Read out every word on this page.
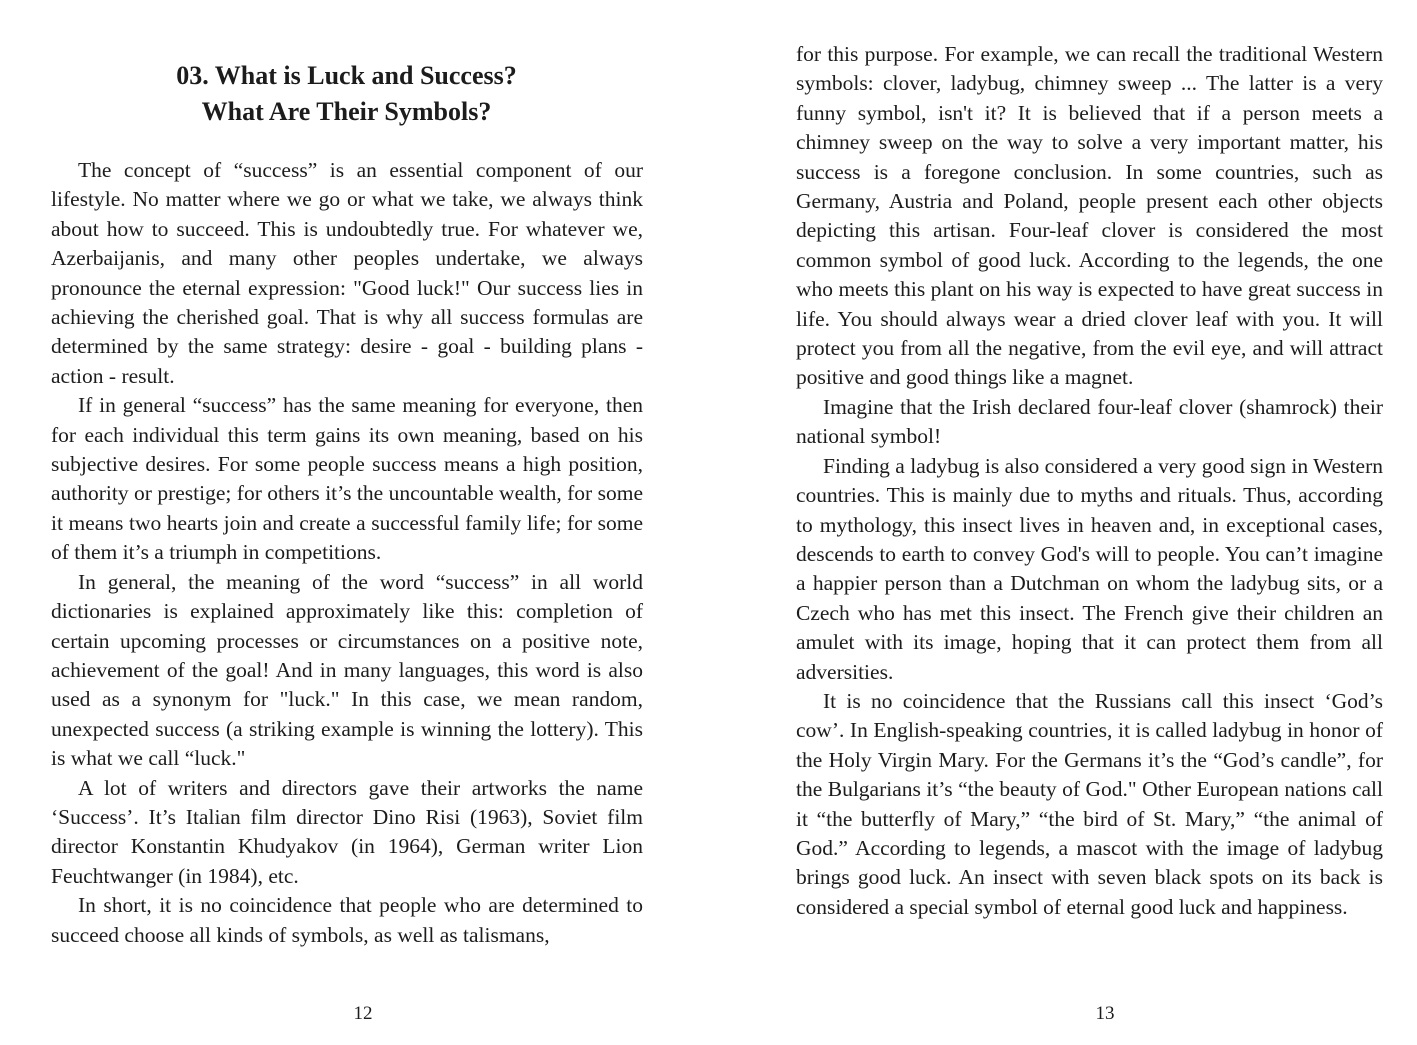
03. What is Luck and Success?
What Are Their Symbols?

The concept of “success” is an essential component of our lifestyle. No matter where we go or what we take, we always think about how to succeed. This is undoubtedly true. For whatever we, Azerbaijanis, and many other peoples undertake, we always pronounce the eternal expression: "Good luck!" Our success lies in achieving the cherished goal. That is why all success formulas are determined by the same strategy: desire - goal - building plans - action - result.

If in general “success” has the same meaning for everyone, then for each individual this term gains its own meaning, based on his subjective desires. For some people success means a high position, authority or prestige; for others it’s the uncountable wealth, for some it means two hearts join and create a successful family life; for some of them it’s a triumph in competitions.

In general, the meaning of the word “success” in all world dictionaries is explained approximately like this: completion of certain upcoming processes or circumstances on a positive note, achievement of the goal! And in many languages, this word is also used as a synonym for "luck." In this case, we mean random, unexpected success (a striking example is winning the lottery). This is what we call “luck."

A lot of writers and directors gave their artworks the name ‘Success’. It’s Italian film director Dino Risi (1963), Soviet film director Konstantin Khudyakov (in 1964), German writer Lion Feuchtwanger (in 1984), etc.

In short, it is no coincidence that people who are determined to succeed choose all kinds of symbols, as well as talismans,

12

for this purpose. For example, we can recall the traditional Western symbols: clover, ladybug, chimney sweep ... The latter is a very funny symbol, isn't it? It is believed that if a person meets a chimney sweep on the way to solve a very important matter, his success is a foregone conclusion. In some countries, such as Germany, Austria and Poland, people present each other objects depicting this artisan. Four-leaf clover is considered the most common symbol of good luck. According to the legends, the one who meets this plant on his way is expected to have great success in life. You should always wear a dried clover leaf with you. It will protect you from all the negative, from the evil eye, and will attract positive and good things like a magnet.

Imagine that the Irish declared four-leaf clover (shamrock) their national symbol!

Finding a ladybug is also considered a very good sign in Western countries. This is mainly due to myths and rituals. Thus, according to mythology, this insect lives in heaven and, in exceptional cases, descends to earth to convey God's will to people. You can’t imagine a happier person than a Dutchman on whom the ladybug sits, or a Czech who has met this insect. The French give their children an amulet with its image, hoping that it can protect them from all adversities.

It is no coincidence that the Russians call this insect ‘God’s cow’. In English-speaking countries, it is called ladybug in honor of the Holy Virgin Mary. For the Germans it’s the “God’s candle”, for the Bulgarians it’s “the beauty of God." Other European nations call it “the butterfly of Mary,” “the bird of St. Mary,” “the animal of God.” According to legends, a mascot with the image of ladybug brings good luck. An insect with seven black spots on its back is considered a special symbol of eternal good luck and happiness.

13
